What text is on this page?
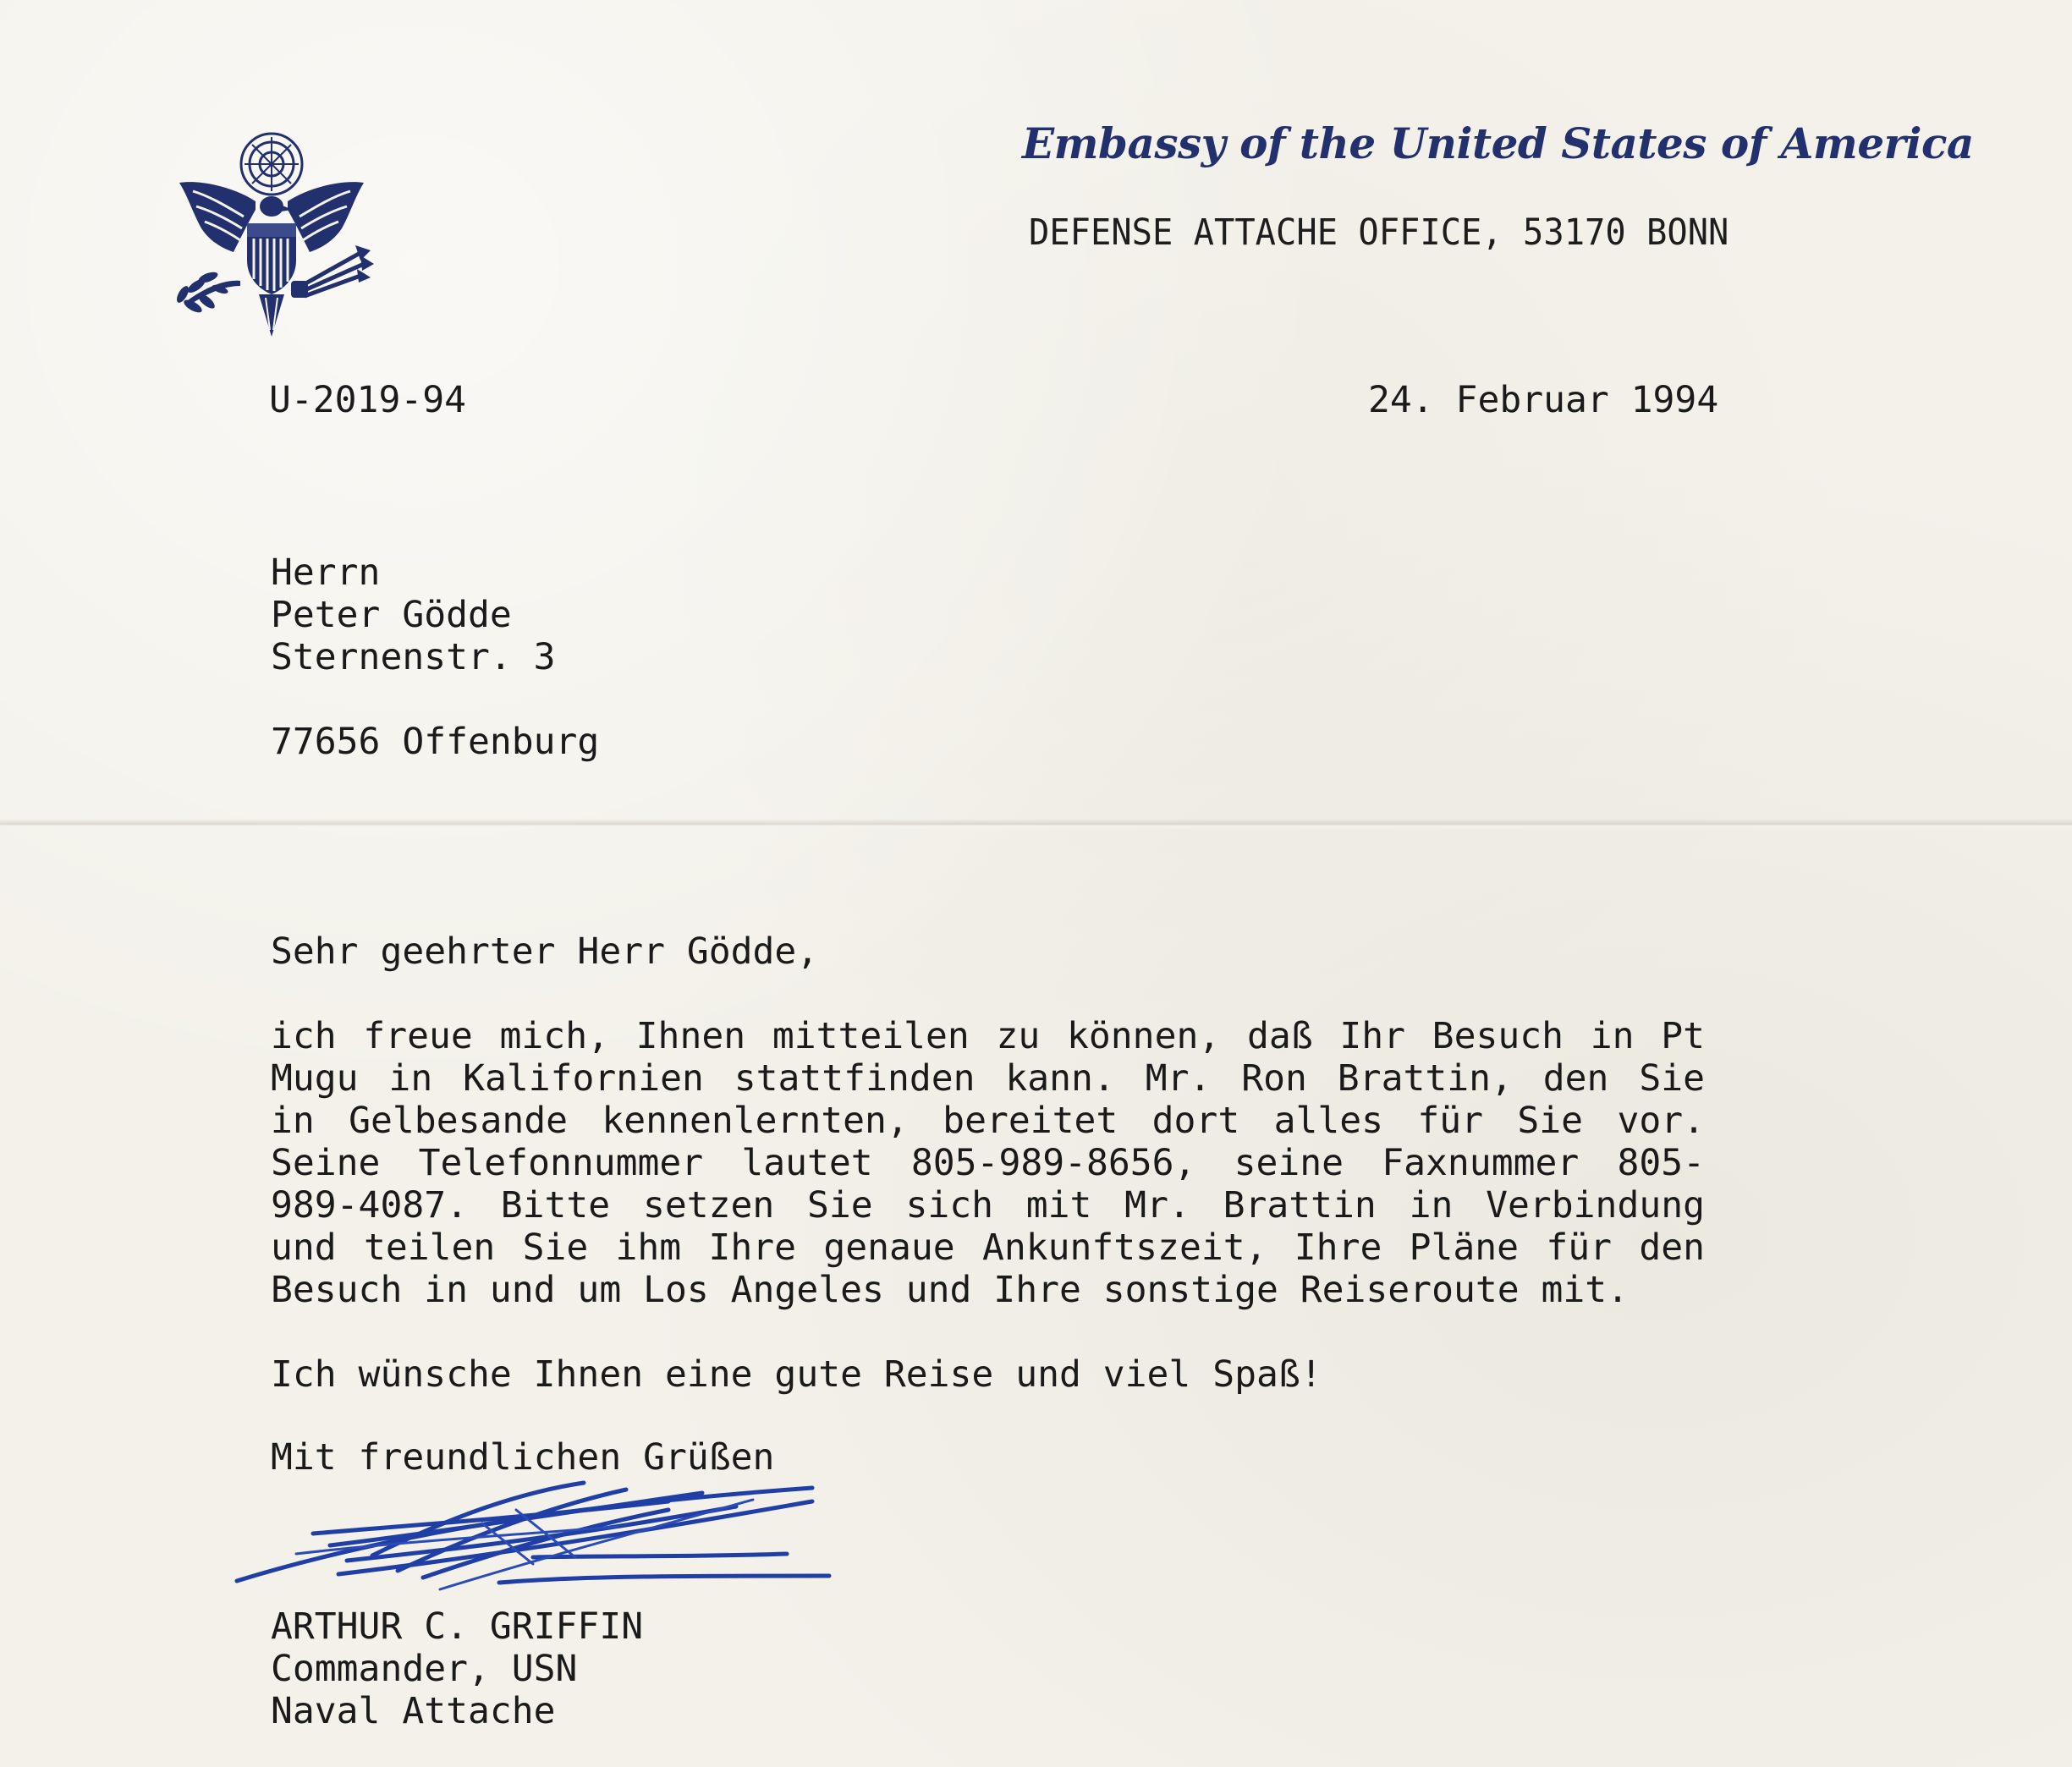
Embassy of the United States of America
DEFENSE ATTACHE OFFICE, 53170 BONN
U-2019-94	24. Februar 1994
Herrn
Peter Gödde
Sternenstr. 3
77656 Offenburg
Sehr geehrter Herr Gödde,
ich freue mich, Ihnen mitteilen zu können, daß Ihr Besuch in Pt
Mugu in Kalifornien stattfinden kann. Mr. Ron Brattin, den Sie
in Gelbesande kennenlernten, bereitet dort alles für Sie vor.
Seine Telefonnummer lautet 805-989-8656, seine Faxnummer 805-
989-4087. Bitte setzen Sie sich mit Mr. Brattin in Verbindung
und teilen Sie ihm Ihre genaue Ankunftszeit, Ihre Pläne für den
Besuch in und um Los Angeles und Ihre sonstige Reiseroute mit.
Ich wünsche Ihnen eine gute Reise und viel Spaß!
Mit freundlichen Grüßen
ARTHUR C. GRIFFIN
Commander, USN
Naval Attache
